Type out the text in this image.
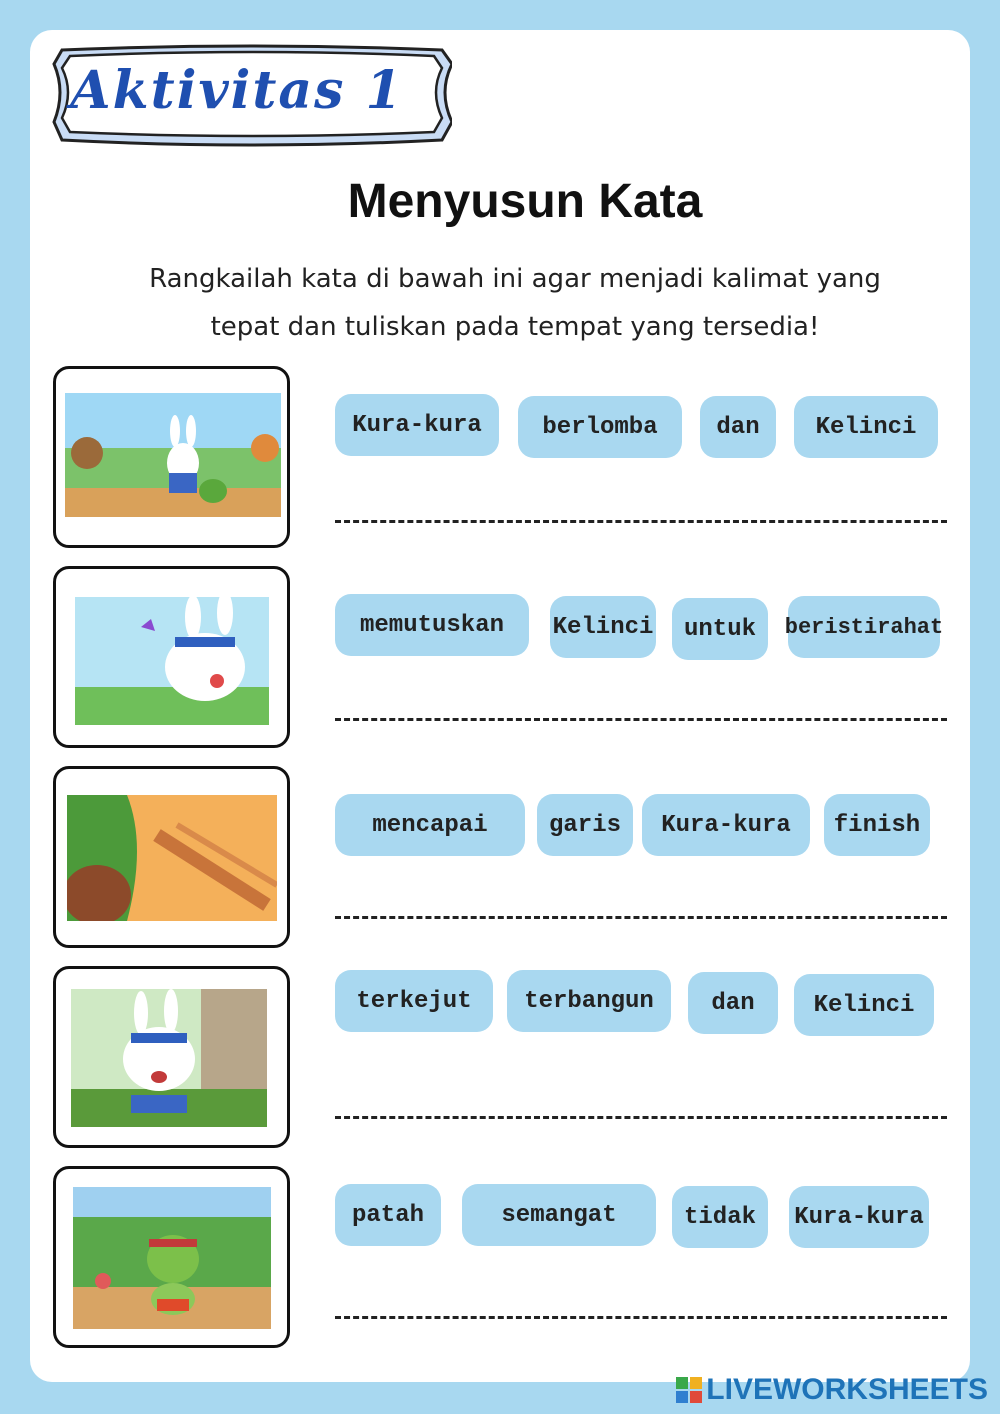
Aktivitas 1
Menyusun Kata
Rangkailah kata di bawah ini agar menjadi kalimat yang
tepat dan tuliskan pada tempat yang tersedia!
Kura-kura	berlomba	dan	Kelinci
memutuskan	Kelinci	untuk	beristirahat
mencapai	garis	Kura-kura	finish
terkejut	terbangun	dan	Kelinci
patah	semangat	tidak	Kura-kura
LIVEWORKSHEETS
